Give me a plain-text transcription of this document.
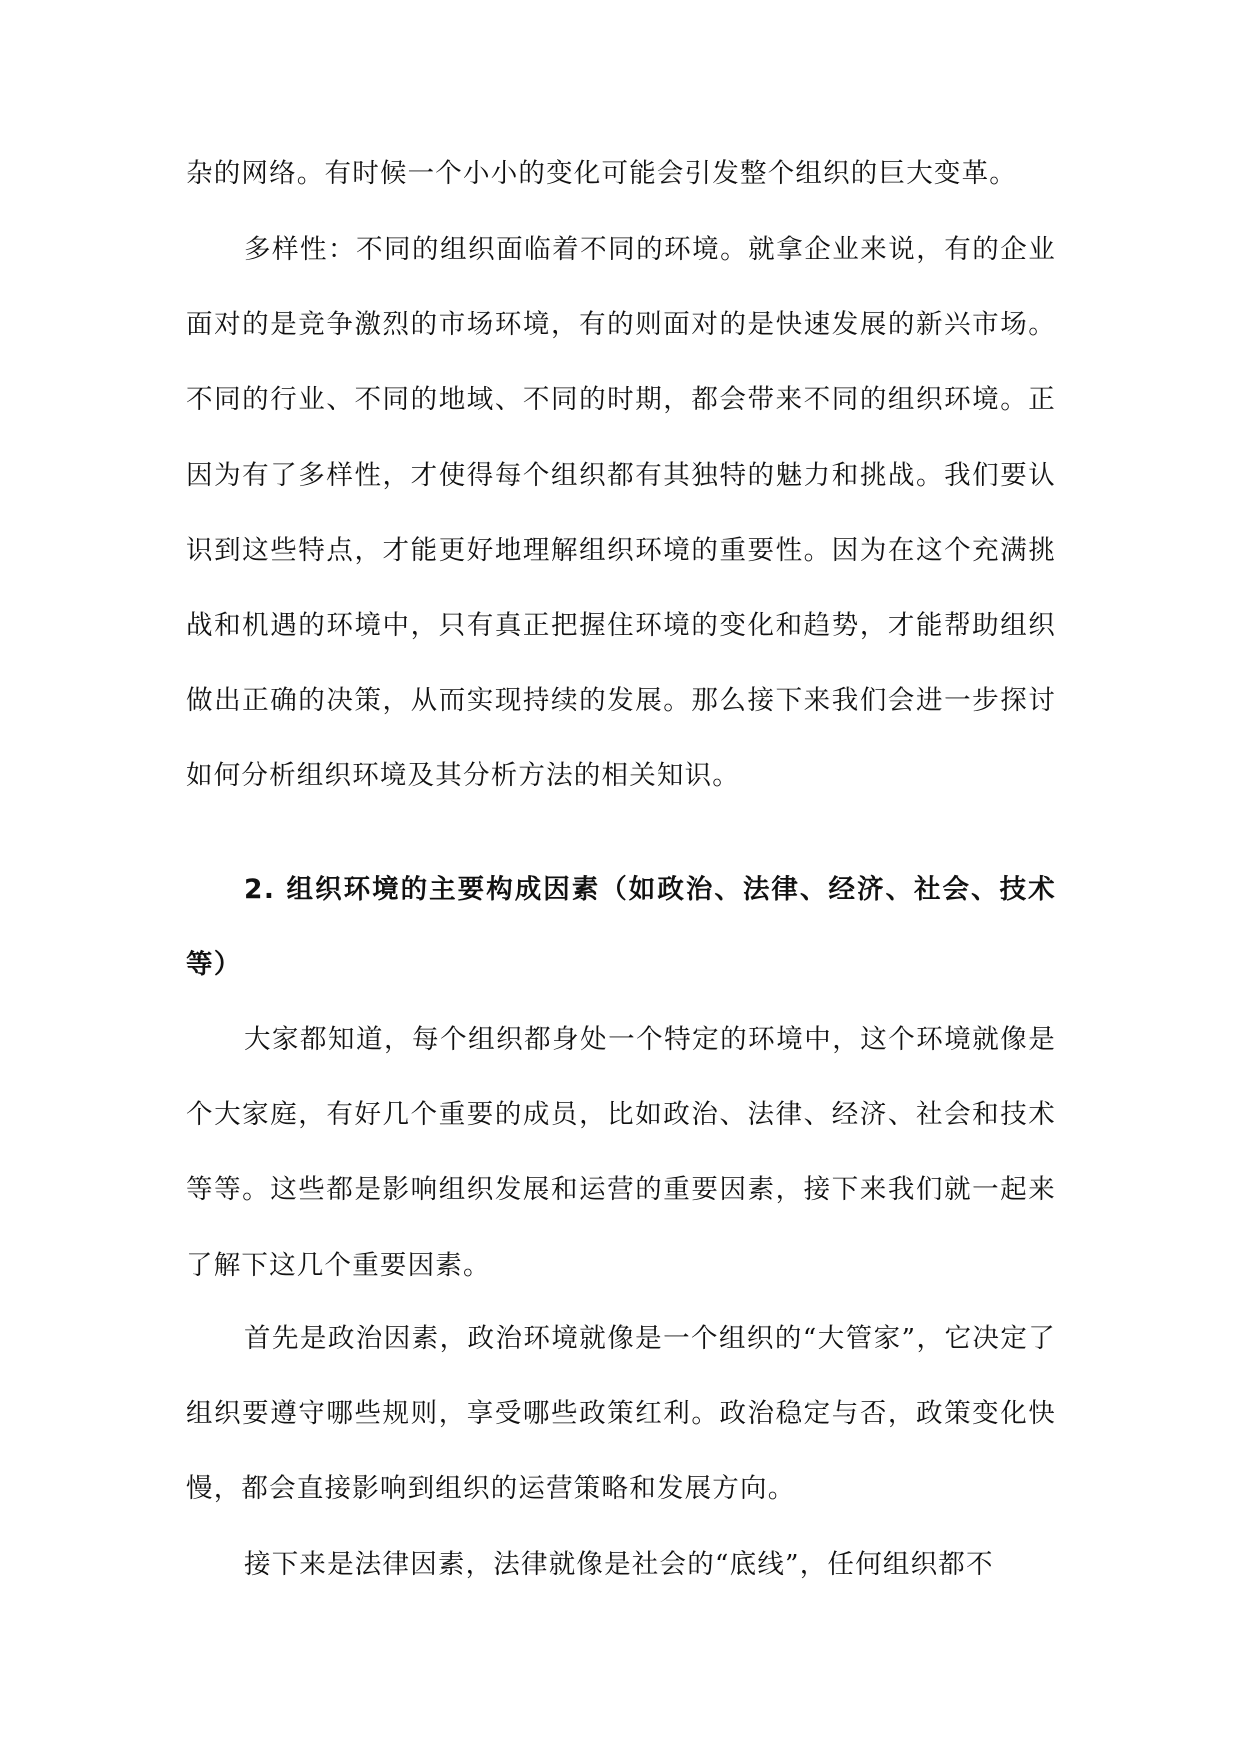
杂的网络。有时候一个小小的变化可能会引发整个组织的巨大变革。

多样性：不同的组织面临着不同的环境。就拿企业来说，有的企业面对的是竞争激烈的市场环境，有的则面对的是快速发展的新兴市场。不同的行业、不同的地域、不同的时期，都会带来不同的组织环境。正因为有了多样性，才使得每个组织都有其独特的魅力和挑战。我们要认识到这些特点，才能更好地理解组织环境的重要性。因为在这个充满挑战和机遇的环境中，只有真正把握住环境的变化和趋势，才能帮助组织做出正确的决策，从而实现持续的发展。那么接下来我们会进一步探讨如何分析组织环境及其分析方法的相关知识。

2. 组织环境的主要构成因素（如政治、法律、经济、社会、技术等）

大家都知道，每个组织都身处一个特定的环境中，这个环境就像是个大家庭，有好几个重要的成员，比如政治、法律、经济、社会和技术等等。这些都是影响组织发展和运营的重要因素，接下来我们就一起来了解下这几个重要因素。

首先是政治因素，政治环境就像是一个组织的“大管家”，它决定了组织要遵守哪些规则，享受哪些政策红利。政治稳定与否，政策变化快慢，都会直接影响到组织的运营策略和发展方向。

接下来是法律因素，法律就像是社会的“底线”，任何组织都不
